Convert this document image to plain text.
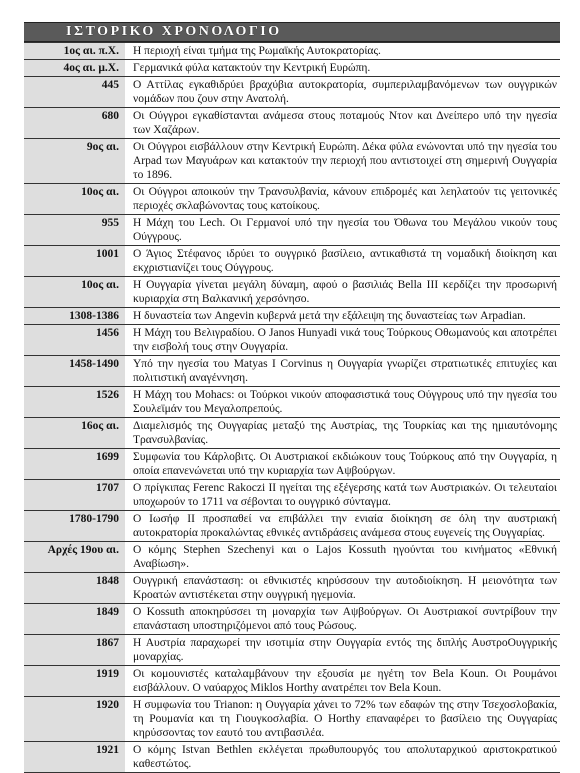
ΙΣΤΟΡΙΚΟ ΧΡΟΝΟΛΟΓΙΟ
1ος αι. π.Χ.	Η περιοχή είναι τμήμα της Ρωμαϊκής Αυτοκρατορίας.
4ος αι. μ.Χ.	Γερμανικά φύλα κατακτούν την Κεντρική Ευρώπη.
445	Ο Αττίλας εγκαθιδρύει βραχύβια αυτοκρατορία, συμπεριλαμβανόμενων των ουγγρικών νομάδων που ζουν στην Ανατολή.
680	Οι Ούγγροι εγκαθίστανται ανάμεσα στους ποταμούς Ντον και Δνείπερο υπό την ηγεσία των Χαζάρων.
9ος αι.	Οι Ούγγροι εισβάλλουν στην Κεντρική Ευρώπη. Δέκα φύλα ενώνονται υπό την ηγεσία του Arpad των Μαγυάρων και κατακτούν την περιοχή που αντιστοιχεί στη σημερινή Ουγγαρία το 1896.
10ος αι.	Οι Ούγγροι αποικούν την Τρανσυλβανία, κάνουν επιδρομές και λεηλατούν τις γειτονικές περιοχές σκλαβώνοντας τους κατοίκους.
955	Η Μάχη του Lech. Οι Γερμανοί υπό την ηγεσία του Όθωνα του Μεγάλου νικούν τους Ούγγρους.
1001	Ο Άγιος Στέφανος ιδρύει το ουγγρικό βασίλειο, αντικαθιστά τη νομαδική διοίκηση και εκχριστιανίζει τους Ούγγρους.
10ος αι.	Η Ουγγαρία γίνεται μεγάλη δύναμη, αφού ο βασιλιάς Bella III κερδίζει την προσωρινή κυριαρχία στη Βαλκανική χερσόνησο.
1308-1386	Η δυναστεία των Angevin κυβερνά μετά την εξάλειψη της δυναστείας των Arpadian.
1456	Η Μάχη του Βελιγραδίου. Ο Janos Hunyadi νικά τους Τούρκους Οθωμανούς και αποτρέπει την εισβολή τους στην Ουγγαρία.
1458-1490	Υπό την ηγεσία του Matyas I Corvinus η Ουγγαρία γνωρίζει στρατιωτικές επιτυχίες και πολιτιστική αναγέννηση.
1526	Η Μάχη του Mohacs: οι Τούρκοι νικούν αποφασιστικά τους Ούγγρους υπό την ηγεσία του Σουλεϊμάν του Μεγαλοπρεπούς.
16ος αι.	Διαμελισμός της Ουγγαρίας μεταξύ της Αυστρίας, της Τουρκίας και της ημιαυτόνομης Τρανσυλβανίας.
1699	Συμφωνία του Κάρλοβιτς. Οι Αυστριακοί εκδιώκουν τους Τούρκους από την Ουγγαρία, η οποία επανενώνεται υπό την κυριαρχία των Αψβούργων.
1707	Ο πρίγκιπας Ferenc Rakoczi II ηγείται της εξέγερσης κατά των Αυστριακών. Οι τελευταίοι υποχωρούν το 1711 να σέβονται το ουγγρικό σύνταγμα.
1780-1790	Ο Ιωσήφ II προσπαθεί να επιβάλλει την ενιαία διοίκηση σε όλη την αυστριακή αυτοκρατορία προκαλώντας εθνικές αντιδράσεις ανάμεσα στους ευγενείς της Ουγγαρίας.
Αρχές 19ου αι.	Ο κόμης Stephen Szechenyi και ο Lajos Kossuth ηγούνται του κινήματος «Εθνική Αναβίωση».
1848	Ουγγρική επανάσταση: οι εθνικιστές κηρύσσουν την αυτοδιοίκηση. Η μειονότητα των Κροατών αντιστέκεται στην ουγγρική ηγεμονία.
1849	Ο Kossuth αποκηρύσσει τη μοναρχία των Αψβούργων. Οι Αυστριακοί συντρίβουν την επανάσταση υποστηριζόμενοι από τους Ρώσους.
1867	Η Αυστρία παραχωρεί την ισοτιμία στην Ουγγαρία εντός της διπλής ΑυστροΟυγγρικής μοναρχίας.
1919	Οι κομουνιστές καταλαμβάνουν την εξουσία με ηγέτη τον Bela Koun. Οι Ρουμάνοι εισβάλλουν. Ο ναύαρχος Miklos Horthy ανατρέπει τον Bela Koun.
1920	Η συμφωνία του Trianon: η Ουγγαρία χάνει το 72% των εδαφών της στην Τσεχοσλοβακία, τη Ρουμανία και τη Γιουγκοσλαβία. Ο Horthy επαναφέρει το βασίλειο της Ουγγαρίας κηρύσσοντας τον εαυτό του αντιβασιλέα.
1921	Ο κόμης Istvan Bethlen εκλέγεται πρωθυπουργός του απολυταρχικού αριστοκρατικού καθεστώτος.
